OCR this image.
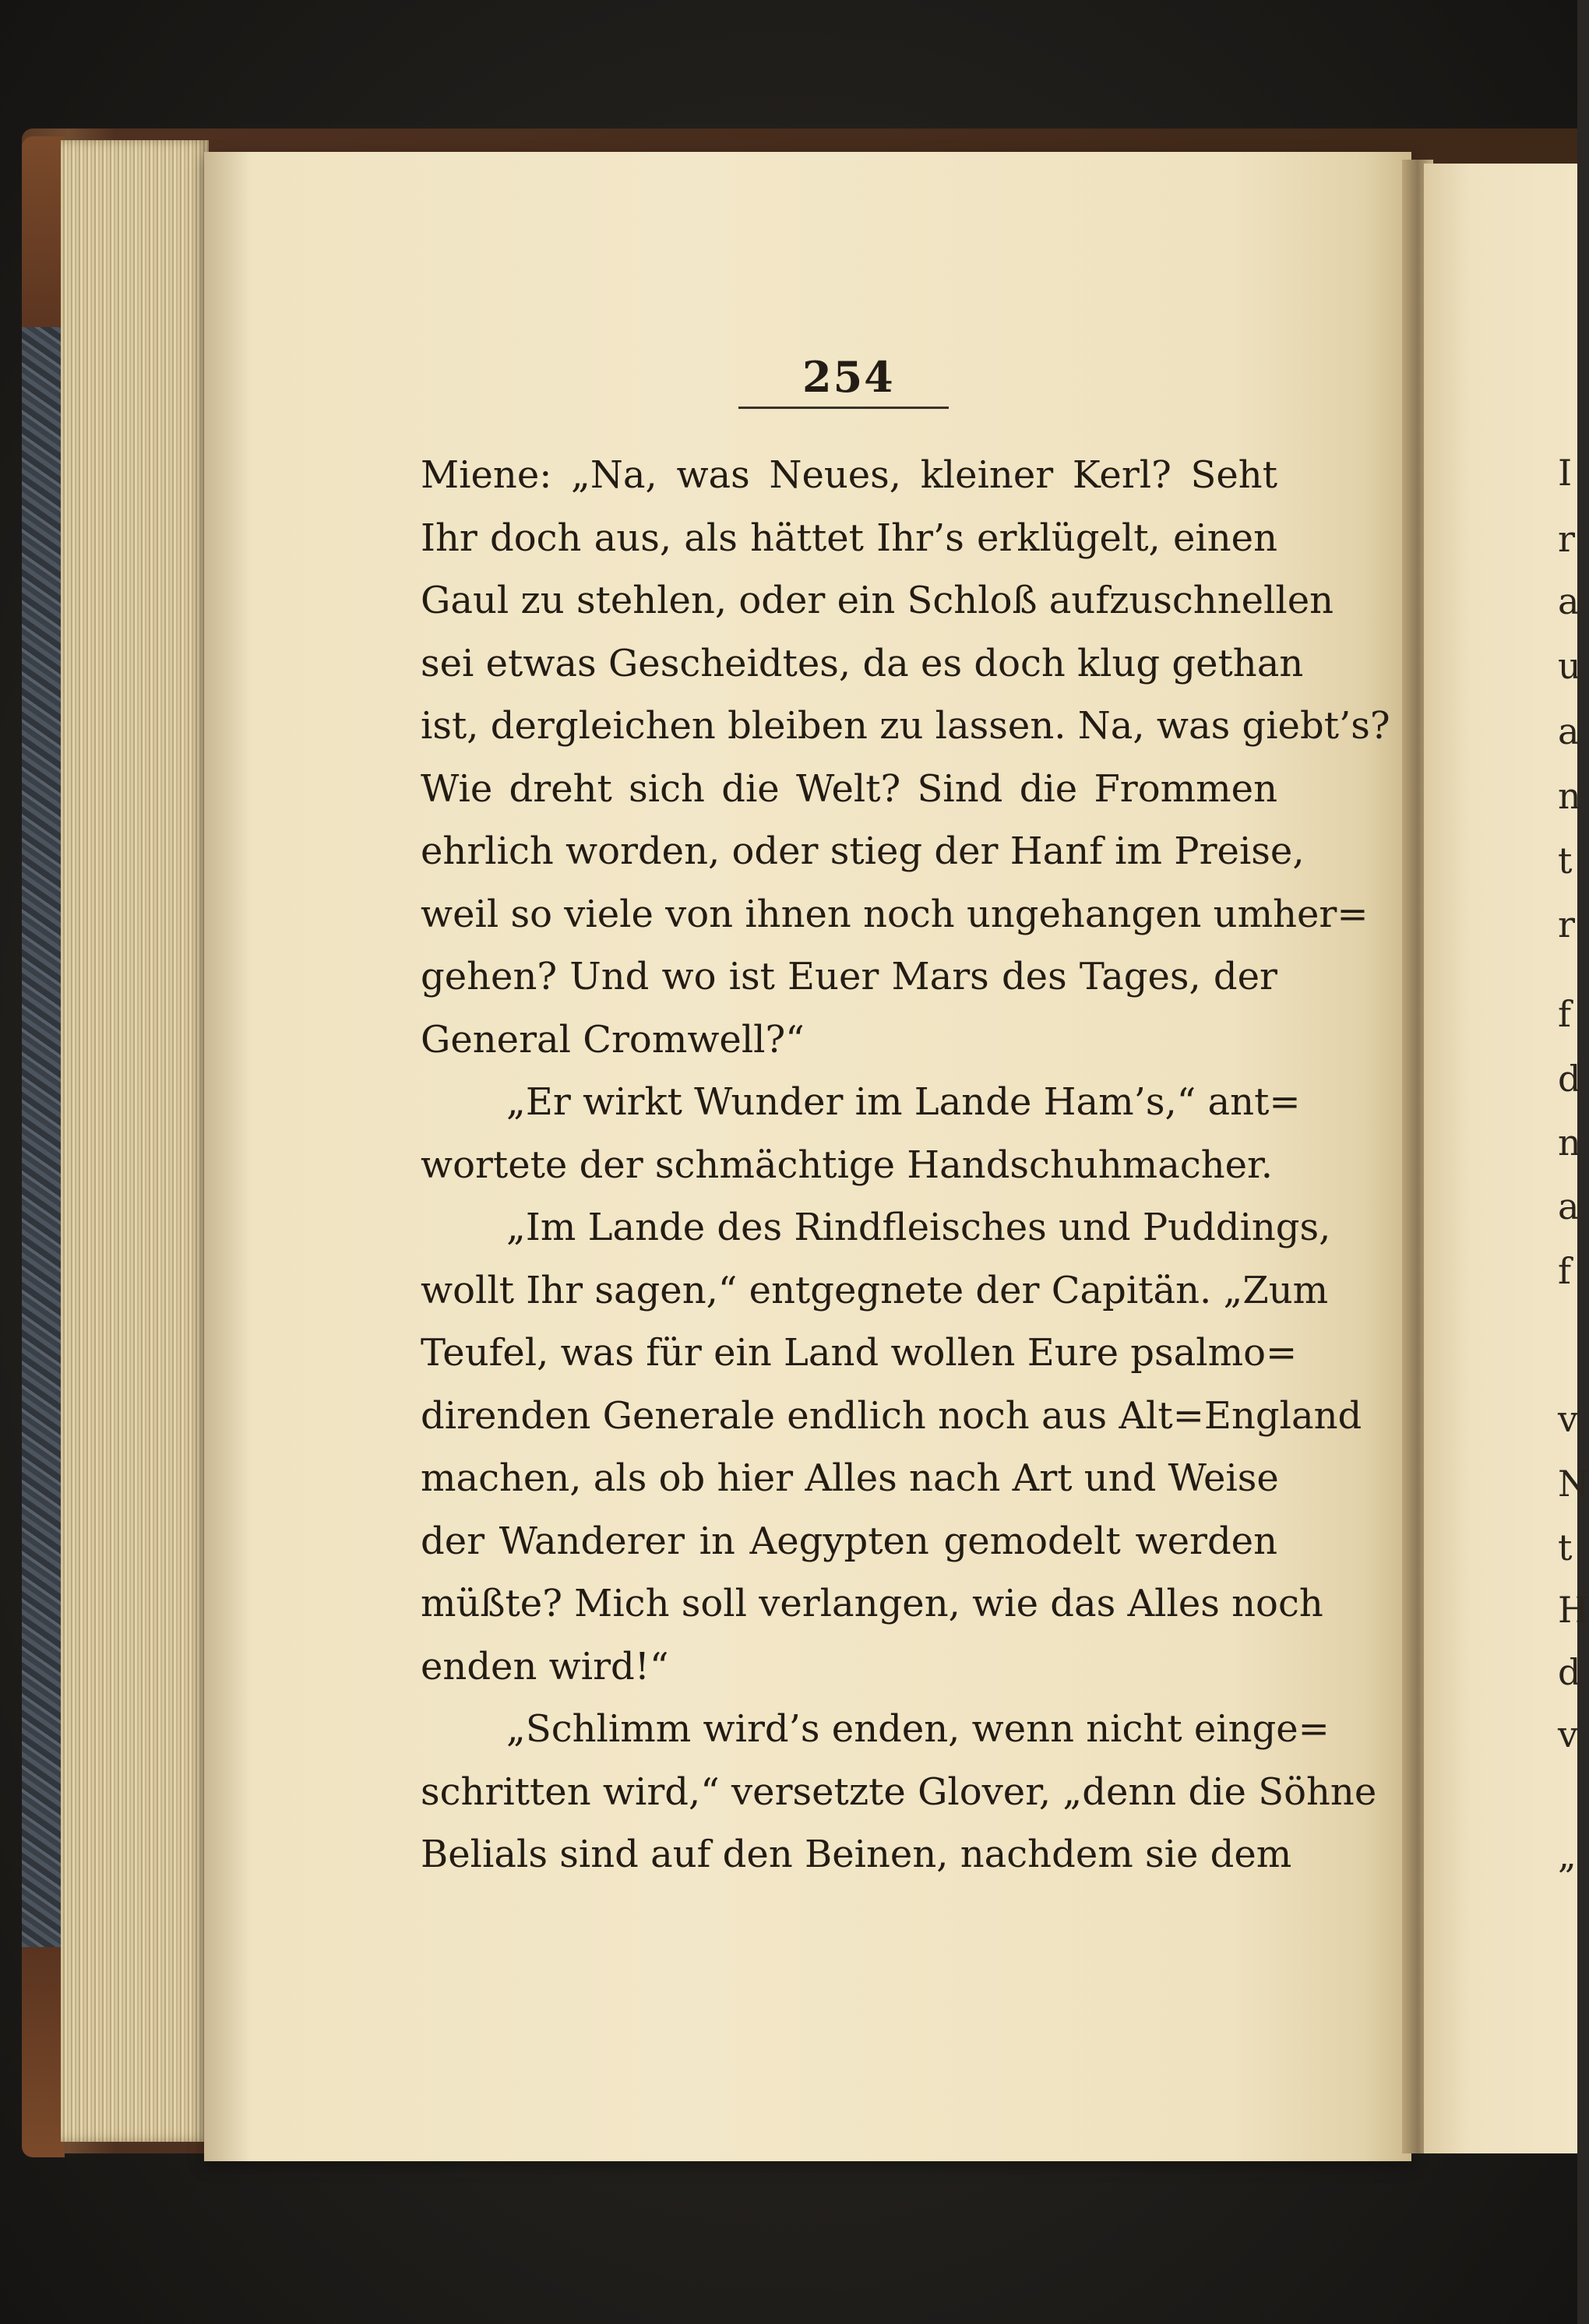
I
r
a
u
a
n
t
r
f
d
n
a
f
v
N
t
H
d
v
„
254
Miene: „Na, was Neues, kleiner Kerl? Seht
Ihr doch aus, als hättet Ihr’s erklügelt, einen
Gaul zu stehlen, oder ein Schloß aufzuschnellen
sei etwas Gescheidtes, da es doch klug gethan
ist, dergleichen bleiben zu lassen. Na, was giebt’s?
Wie dreht sich die Welt? Sind die Frommen
ehrlich worden, oder stieg der Hanf im Preise,
weil so viele von ihnen noch ungehangen umher=
gehen? Und wo ist Euer Mars des Tages, der
General Cromwell?“
„Er wirkt Wunder im Lande Ham’s,“ ant=
wortete der schmächtige Handschuhmacher.
„Im Lande des Rindfleisches und Puddings,
wollt Ihr sagen,“ entgegnete der Capitän. „Zum
Teufel, was für ein Land wollen Eure psalmo=
direnden Generale endlich noch aus Alt=England
machen, als ob hier Alles nach Art und Weise
der Wanderer in Aegypten gemodelt werden
müßte? Mich soll verlangen, wie das Alles noch
enden wird!“
„Schlimm wird’s enden, wenn nicht einge=
schritten wird,“ versetzte Glover, „denn die Söhne
Belials sind auf den Beinen, nachdem sie dem
